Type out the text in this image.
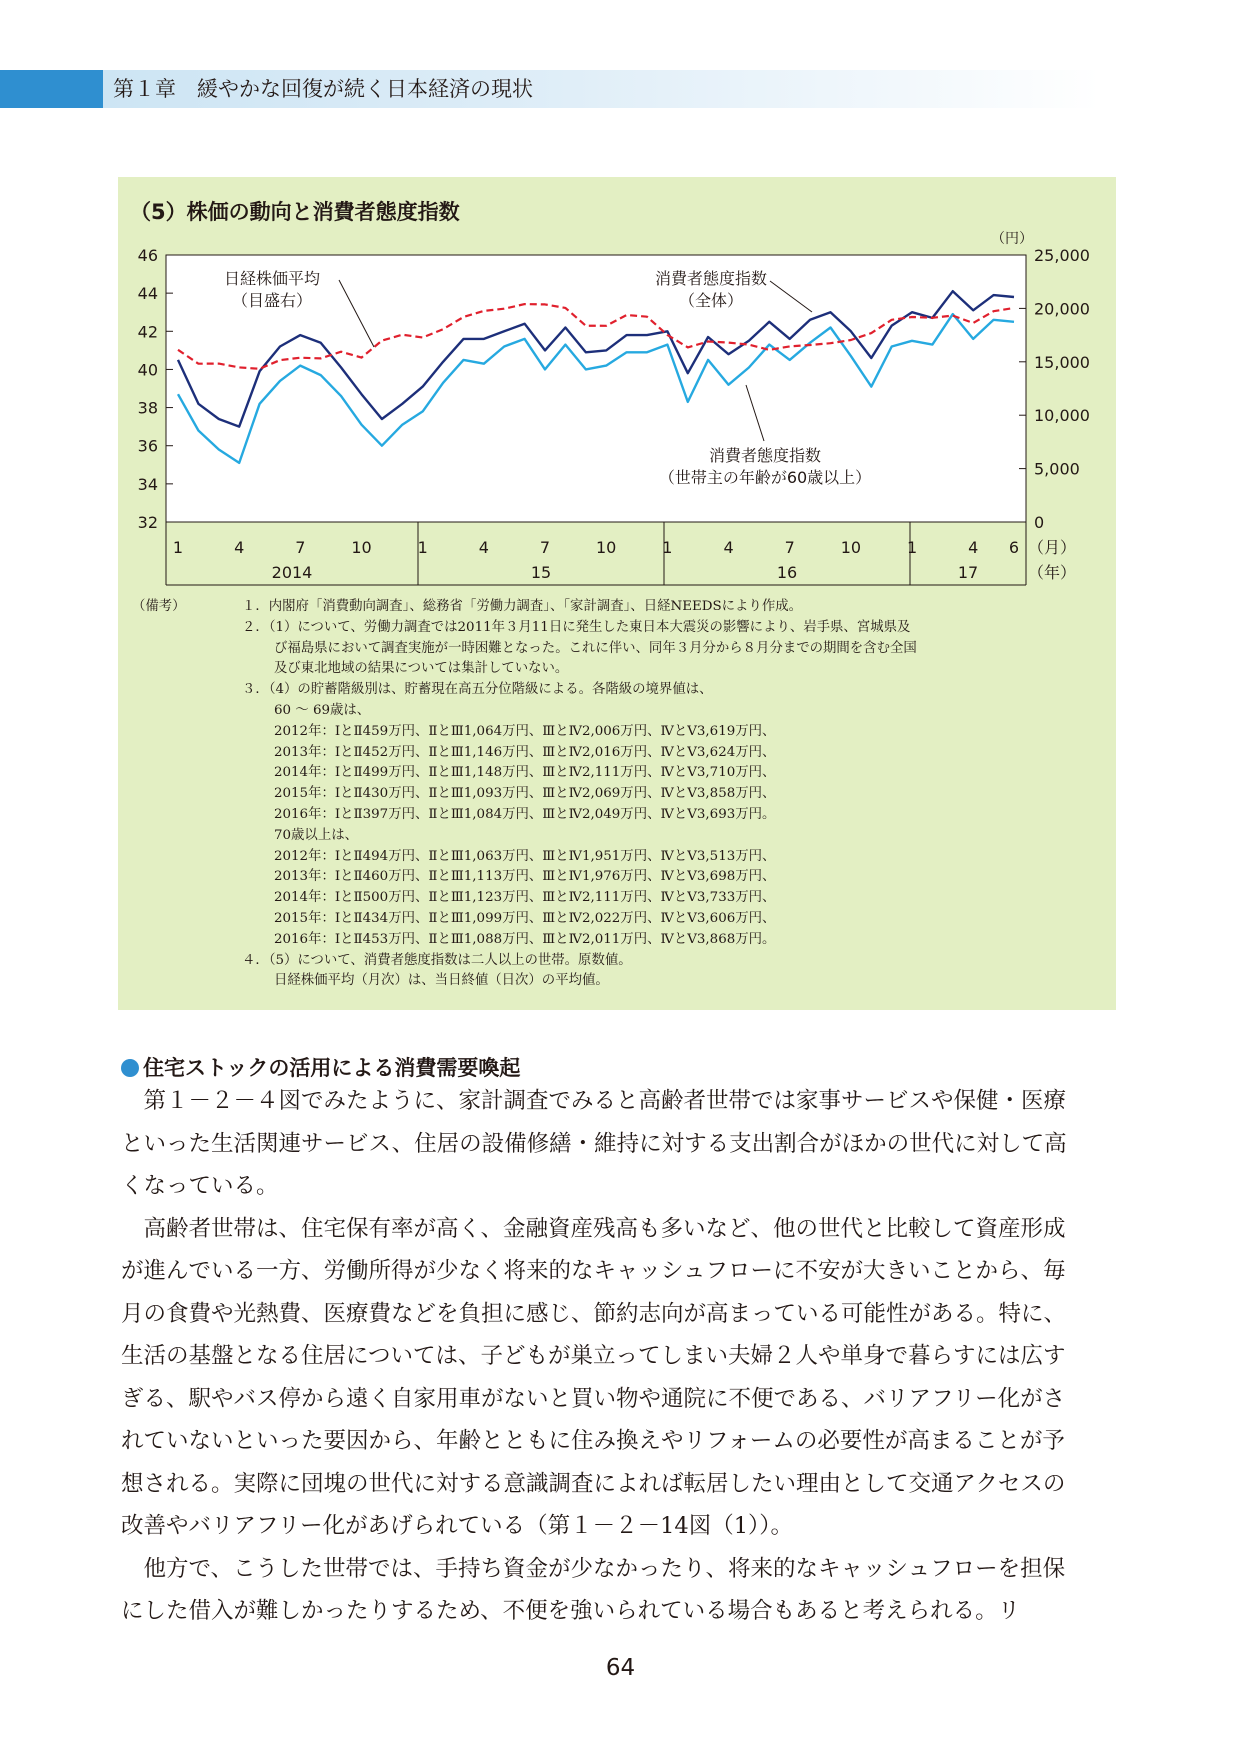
第１章　緩やかな回復が続く日本経済の現状
（5）株価の動向と消費者態度指数
32
34
36
38
40
42
44
46
0
5,000
10,000
15,000
20,000
25,000
（円）
1	4	7	10	1	4	7	10	1	4	7	10	1	4 6 （月）
2014	15	16	17	（年）
日経株価平均
（目盛右）
消費者態度指数
（全体）
消費者態度指数
（世帯主の年齢が60歳以上）
（備考）	１．内閣府「消費動向調査」、総務省「労働力調査」、「家計調査」、日経NEEDSにより作成。
２．（1）について、労働力調査では2011年３月11日に発生した東日本大震災の影響により、岩手県、宮城県及
び福島県において調査実施が一時困難となった。これに伴い、同年３月分から８月分までの期間を含む全国
及び東北地域の結果については集計していない。
３．（4）の貯蓄階級別は、貯蓄現在高五分位階級による。各階級の境界値は、
60 ～ 69歳は、
2012年：ⅠとⅡ459万円、ⅡとⅢ1,064万円、ⅢとⅣ2,006万円、ⅣとⅤ3,619万円、
2013年：ⅠとⅡ452万円、ⅡとⅢ1,146万円、ⅢとⅣ2,016万円、ⅣとⅤ3,624万円、
2014年：ⅠとⅡ499万円、ⅡとⅢ1,148万円、ⅢとⅣ2,111万円、ⅣとⅤ3,710万円、
2015年：ⅠとⅡ430万円、ⅡとⅢ1,093万円、ⅢとⅣ2,069万円、ⅣとⅤ3,858万円、
2016年：ⅠとⅡ397万円、ⅡとⅢ1,084万円、ⅢとⅣ2,049万円、ⅣとⅤ3,693万円。
70歳以上は、
2012年：ⅠとⅡ494万円、ⅡとⅢ1,063万円、ⅢとⅣ1,951万円、ⅣとⅤ3,513万円、
2013年：ⅠとⅡ460万円、ⅡとⅢ1,113万円、ⅢとⅣ1,976万円、ⅣとⅤ3,698万円、
2014年：ⅠとⅡ500万円、ⅡとⅢ1,123万円、ⅢとⅣ2,111万円、ⅣとⅤ3,733万円、
2015年：ⅠとⅡ434万円、ⅡとⅢ1,099万円、ⅢとⅣ2,022万円、ⅣとⅤ3,606万円、
2016年：ⅠとⅡ453万円、ⅡとⅢ1,088万円、ⅢとⅣ2,011万円、ⅣとⅤ3,868万円。
４．（5）について、消費者態度指数は二人以上の世帯。原数値。
日経株価平均（月次）は、当日終値（日次）の平均値。
住宅ストックの活用による消費需要喚起
　第１－２－４図でみたように、家計調査でみると高齢者世帯では家事サービスや保健・医療
といった生活関連サービス、住居の設備修繕・維持に対する支出割合がほかの世代に対して高
くなっている。
　高齢者世帯は、住宅保有率が高く、金融資産残高も多いなど、他の世代と比較して資産形成
が進んでいる一方、労働所得が少なく将来的なキャッシュフローに不安が大きいことから、毎
月の食費や光熱費、医療費などを負担に感じ、節約志向が高まっている可能性がある。特に、
生活の基盤となる住居については、子どもが巣立ってしまい夫婦２人や単身で暮らすには広す
ぎる、駅やバス停から遠く自家用車がないと買い物や通院に不便である、バリアフリー化がさ
れていないといった要因から、年齢とともに住み換えやリフォームの必要性が高まることが予
想される。実際に団塊の世代に対する意識調査によれば転居したい理由として交通アクセスの
改善やバリアフリー化があげられている（第１－２－14図（1））。
　他方で、こうした世帯では、手持ち資金が少なかったり、将来的なキャッシュフローを担保
にした借入が難しかったりするため、不便を強いられている場合もあると考えられる。リ
64
